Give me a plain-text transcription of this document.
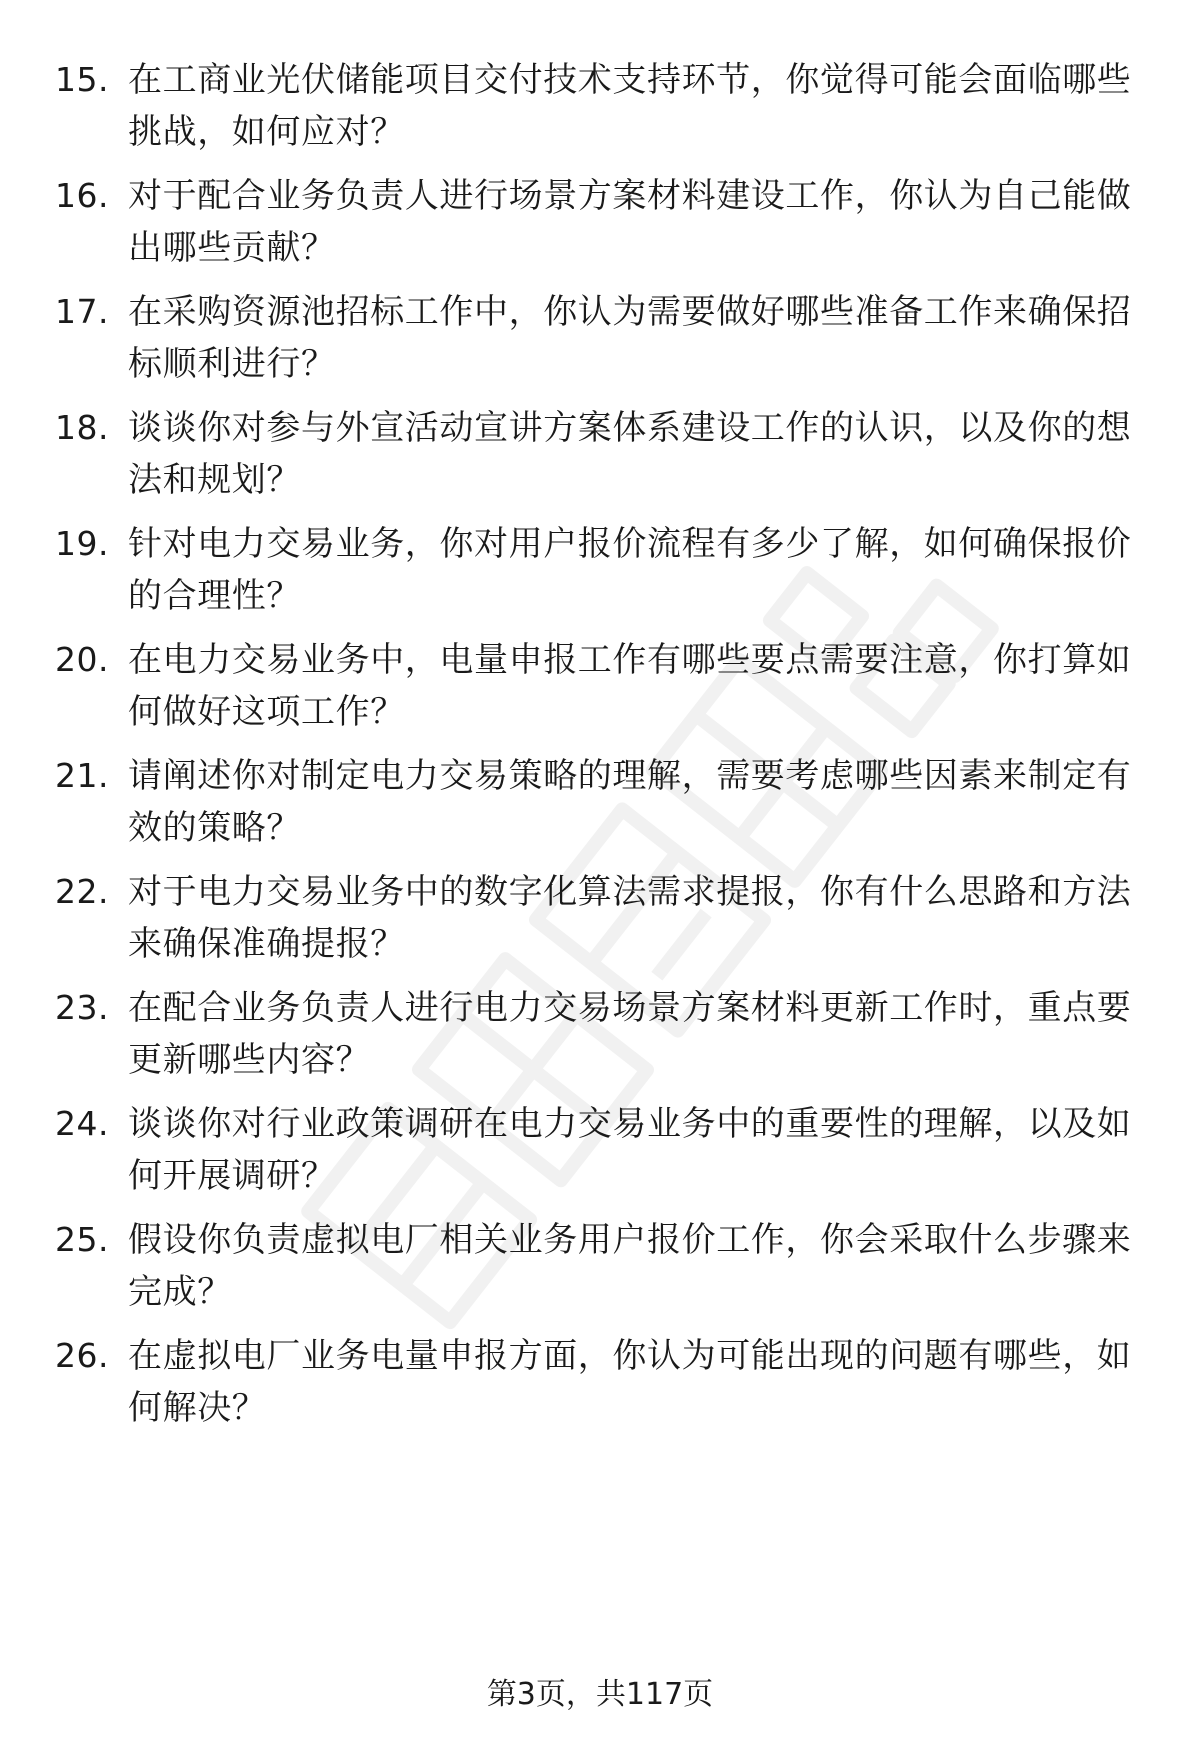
15. 在工商业光伏储能项目交付技术支持环节，你觉得可能会面临哪些挑战，如何应对？
16. 对于配合业务负责人进行场景方案材料建设工作，你认为自己能做出哪些贡献？
17. 在采购资源池招标工作中，你认为需要做好哪些准备工作来确保招标顺利进行？
18. 谈谈你对参与外宣活动宣讲方案体系建设工作的认识，以及你的想法和规划？
19. 针对电力交易业务，你对用户报价流程有多少了解，如何确保报价的合理性？
20. 在电力交易业务中，电量申报工作有哪些要点需要注意，你打算如何做好这项工作？
21. 请阐述你对制定电力交易策略的理解，需要考虑哪些因素来制定有效的策略？
22. 对于电力交易业务中的数字化算法需求提报，你有什么思路和方法来确保准确提报？
23. 在配合业务负责人进行电力交易场景方案材料更新工作时，重点要更新哪些内容？
24. 谈谈你对行业政策调研在电力交易业务中的重要性的理解，以及如何开展调研？
25. 假设你负责虚拟电厂相关业务用户报价工作，你会采取什么步骤来完成？
26. 在虚拟电厂业务电量申报方面，你认为可能出现的问题有哪些，如何解决？
第3页，共117页
